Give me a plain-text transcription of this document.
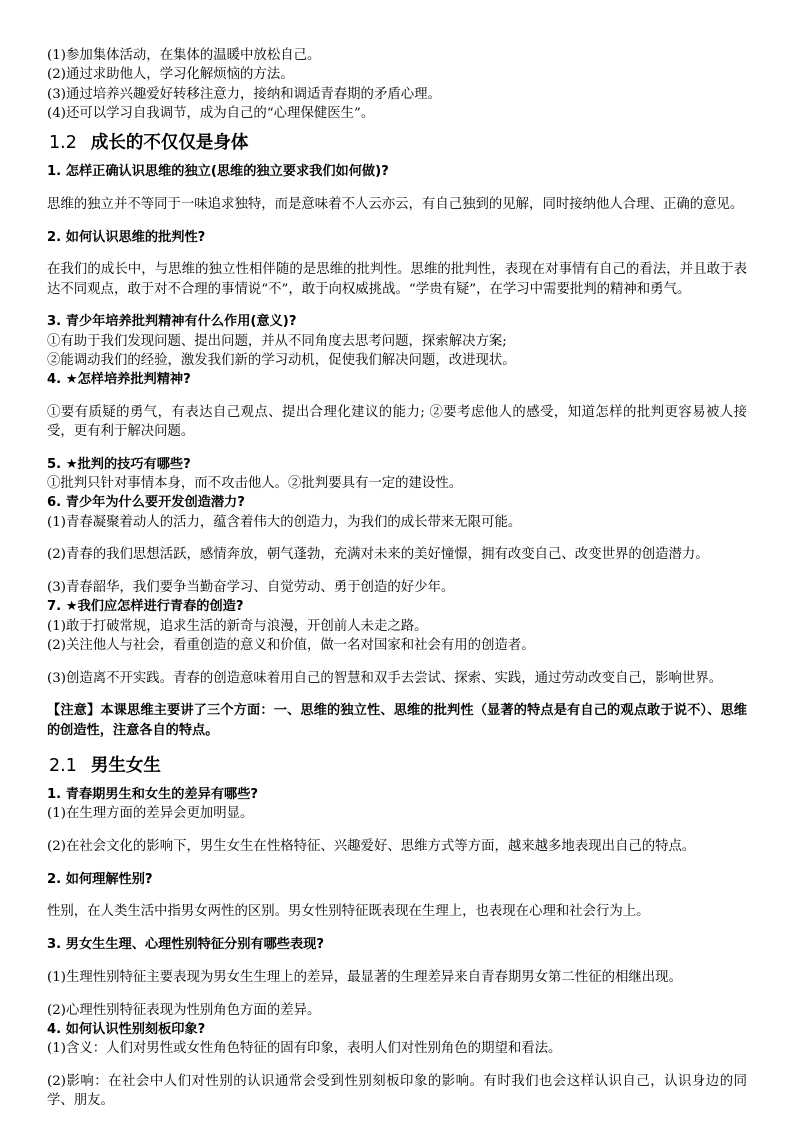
(1)参加集体活动，在集体的温暖中放松自己。

(2)通过求助他人，学习化解烦恼的方法。

(3)通过培养兴趣爱好转移注意力，接纳和调适青春期的矛盾心理。

(4)还可以学习自我调节，成为自己的“心理保健医生”。

1.2 成长的不仅仅是身体

1. 怎样正确认识思维的独立(思维的独立要求我们如何做)?

思维的独立并不等同于一味追求独特，而是意味着不人云亦云，有自己独到的见解，同时接纳他人合理、正确的意见。

2. 如何认识思维的批判性?

在我们的成长中，与思维的独立性相伴随的是思维的批判性。思维的批判性，表现在对事情有自己的看法，并且敢于表达不同观点，敢于对不合理的事情说“不”，敢于向权威挑战。“学贵有疑”，在学习中需要批判的精神和勇气。

3. 青少年培养批判精神有什么作用(意义)?

①有助于我们发现问题、提出问题，并从不同角度去思考问题，探索解决方案;

②能调动我们的经验，激发我们新的学习动机，促使我们解决问题，改进现状。

4. ★怎样培养批判精神?

①要有质疑的勇气，有表达自己观点、提出合理化建议的能力; ②要考虑他人的感受，知道怎样的批判更容易被人接受，更有利于解决问题。

5. ★批判的技巧有哪些?

①批判只针对事情本身，而不攻击他人。②批判要具有一定的建设性。

6. 青少年为什么要开发创造潜力?

(1)青春凝聚着动人的活力，蕴含着伟大的创造力，为我们的成长带来无限可能。

(2)青春的我们思想活跃，感情奔放，朝气蓬勃，充满对未来的美好憧憬，拥有改变自己、改变世界的创造潜力。

(3)青春韶华，我们要争当勤奋学习、自觉劳动、勇于创造的好少年。

7. ★我们应怎样进行青春的创造?

(1)敢于打破常规，追求生活的新奇与浪漫，开创前人未走之路。

(2)关注他人与社会，看重创造的意义和价值，做一名对国家和社会有用的创造者。

(3)创造离不开实践。青春的创造意味着用自己的智慧和双手去尝试、探索、实践，通过劳动改变自己，影响世界。

【注意】本课思维主要讲了三个方面：一、思维的独立性、思维的批判性（显著的特点是有自己的观点敢于说不）、思维的创造性，注意各自的特点。

2.1 男生女生

1. 青春期男生和女生的差异有哪些?

(1)在生理方面的差异会更加明显。

(2)在社会文化的影响下，男生女生在性格特征、兴趣爱好、思维方式等方面，越来越多地表现出自己的特点。

2. 如何理解性别?

性别，在人类生活中指男女两性的区别。男女性别特征既表现在生理上，也表现在心理和社会行为上。

3. 男女生生理、心理性别特征分别有哪些表现?

(1)生理性别特征主要表现为男女生生理上的差异，最显著的生理差异来自青春期男女第二性征的相继出现。

(2)心理性别特征表现为性别角色方面的差异。

4. 如何认识性别刻板印象?

(1)含义：人们对男性或女性角色特征的固有印象，表明人们对性别角色的期望和看法。

(2)影响：在社会中人们对性别的认识通常会受到性别刻板印象的影响。有时我们也会这样认识自己，认识身边的同学、朋友。
